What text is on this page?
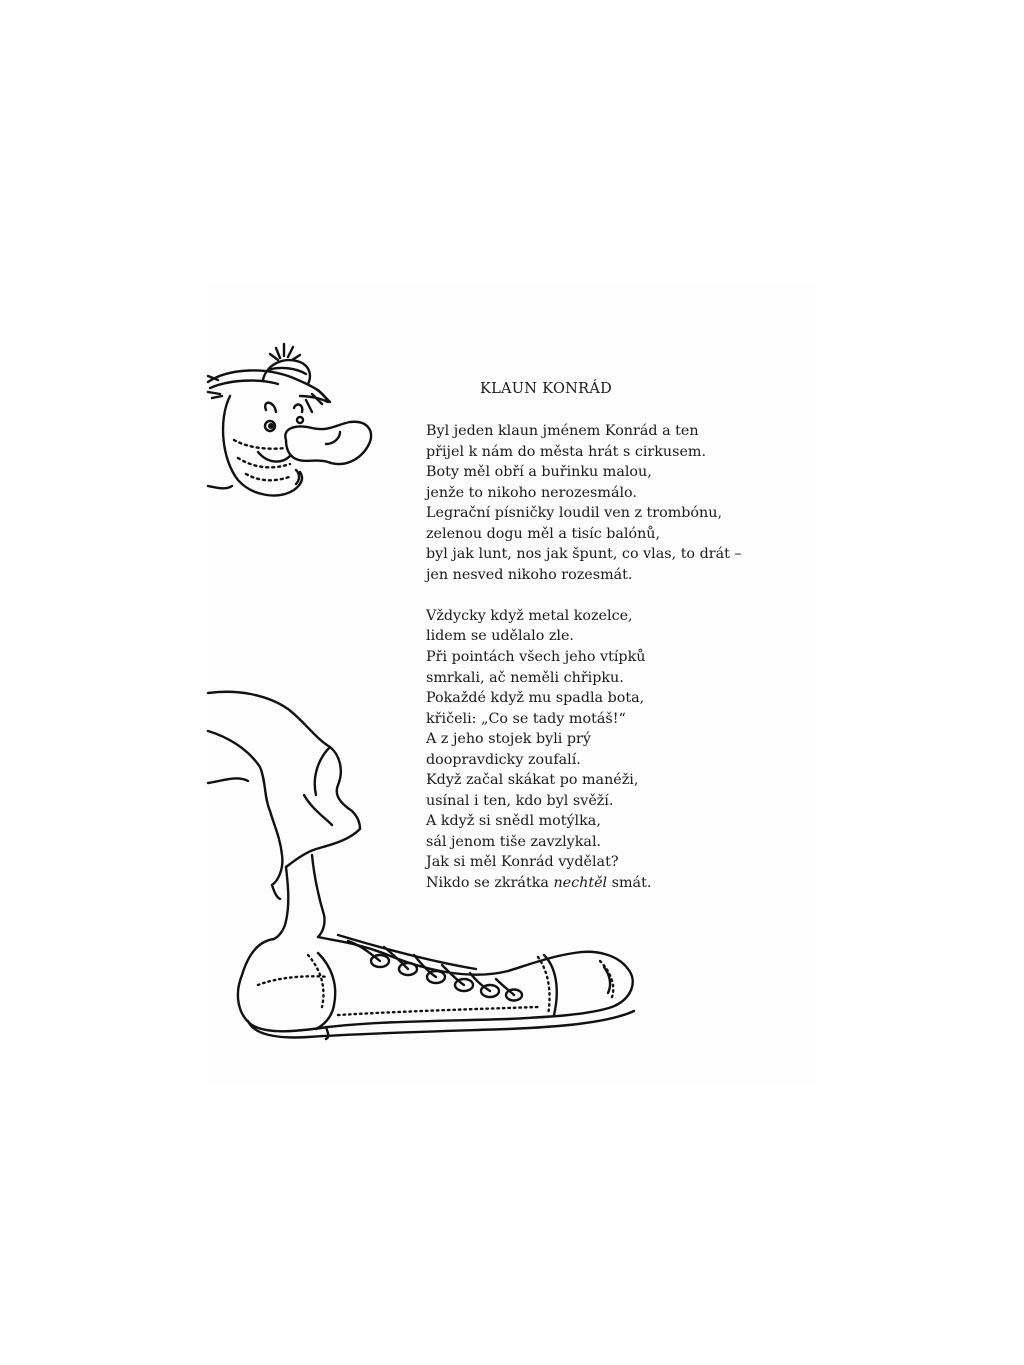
KLAUN KONRÁD
Byl jeden klaun jménem Konrád a ten
přijel k nám do města hrát s cirkusem.
Boty měl obří a buřinku malou,
jenže to nikoho nerozesmálo.
Legrační písničky loudil ven z trombónu,
zelenou dogu měl a tisíc balónů,
byl jak lunt, nos jak špunt, co vlas, to drát –
jen nesved nikoho rozesmát.
Vždycky když metal kozelce,
lidem se udělalo zle.
Při pointách všech jeho vtípků
smrkali, ač neměli chřipku.
Pokaždé když mu spadla bota,
křičeli: „Co se tady motáš!“
A z jeho stojek byli prý
doopravdicky zoufalí.
Když začal skákat po manéži,
usínal i ten, kdo byl svěží.
A když si snědl motýlka,
sál jenom tiše zavzlykal.
Jak si měl Konrád vydělat?
Nikdo se zkrátka nechtěl smát.
